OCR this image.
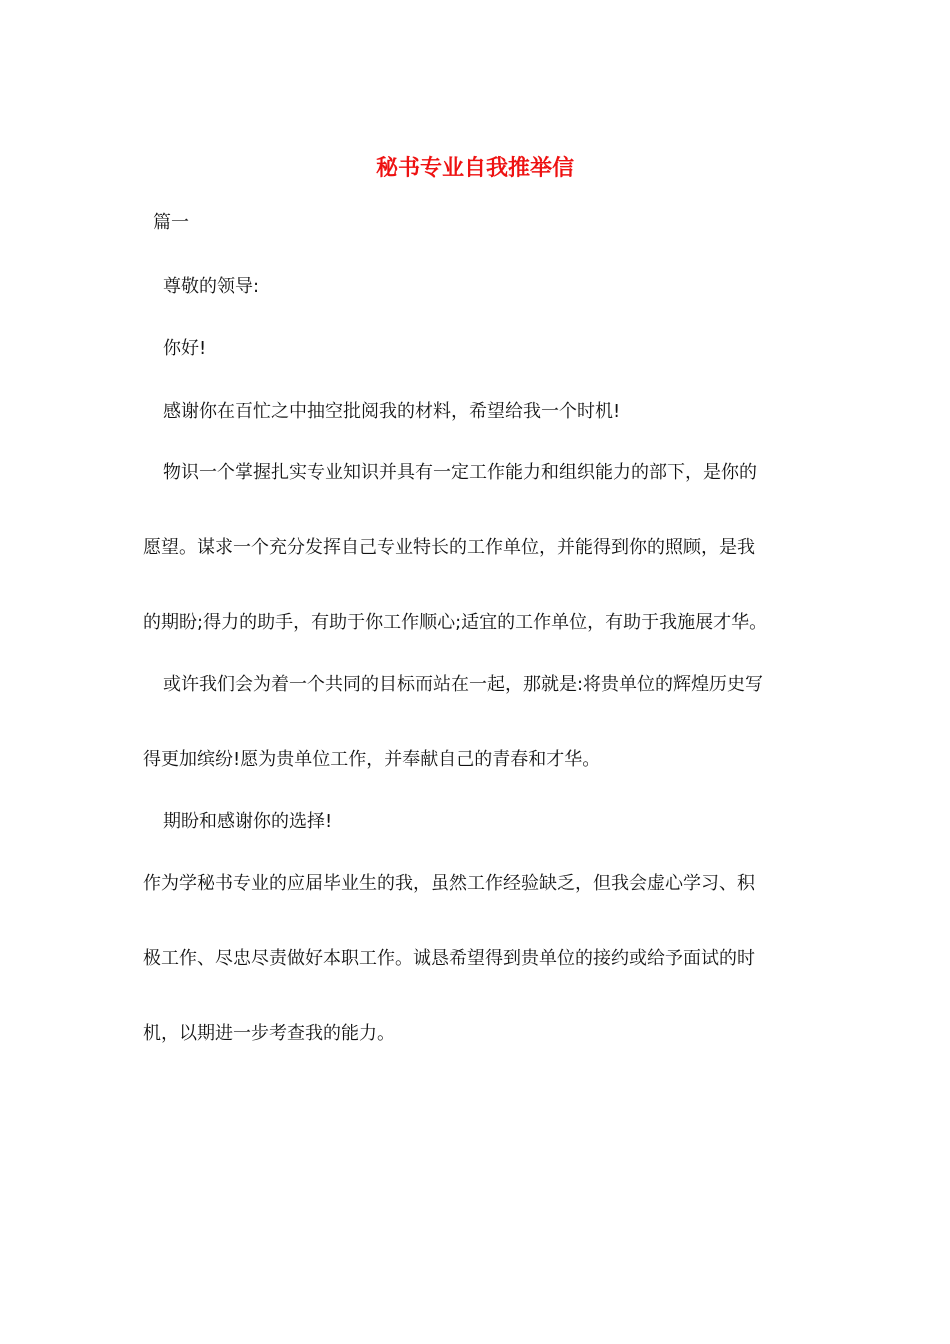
秘书专业自我推举信

篇一

尊敬的领导:

你好!

感谢你在百忙之中抽空批阅我的材料，希望给我一个时机!

物识一个掌握扎实专业知识并具有一定工作能力和组织能力的部下，是你的

愿望。谋求一个充分发挥自己专业特长的工作单位，并能得到你的照顾，是我

的期盼;得力的助手，有助于你工作顺心;适宜的工作单位，有助于我施展才华。

或许我们会为着一个共同的目标而站在一起，那就是:将贵单位的辉煌历史写

得更加缤纷!愿为贵单位工作，并奉献自己的青春和才华。

期盼和感谢你的选择!

作为学秘书专业的应届毕业生的我，虽然工作经验缺乏，但我会虚心学习、积

极工作、尽忠尽责做好本职工作。诚恳希望得到贵单位的接约或给予面试的时

机，以期进一步考查我的能力。
